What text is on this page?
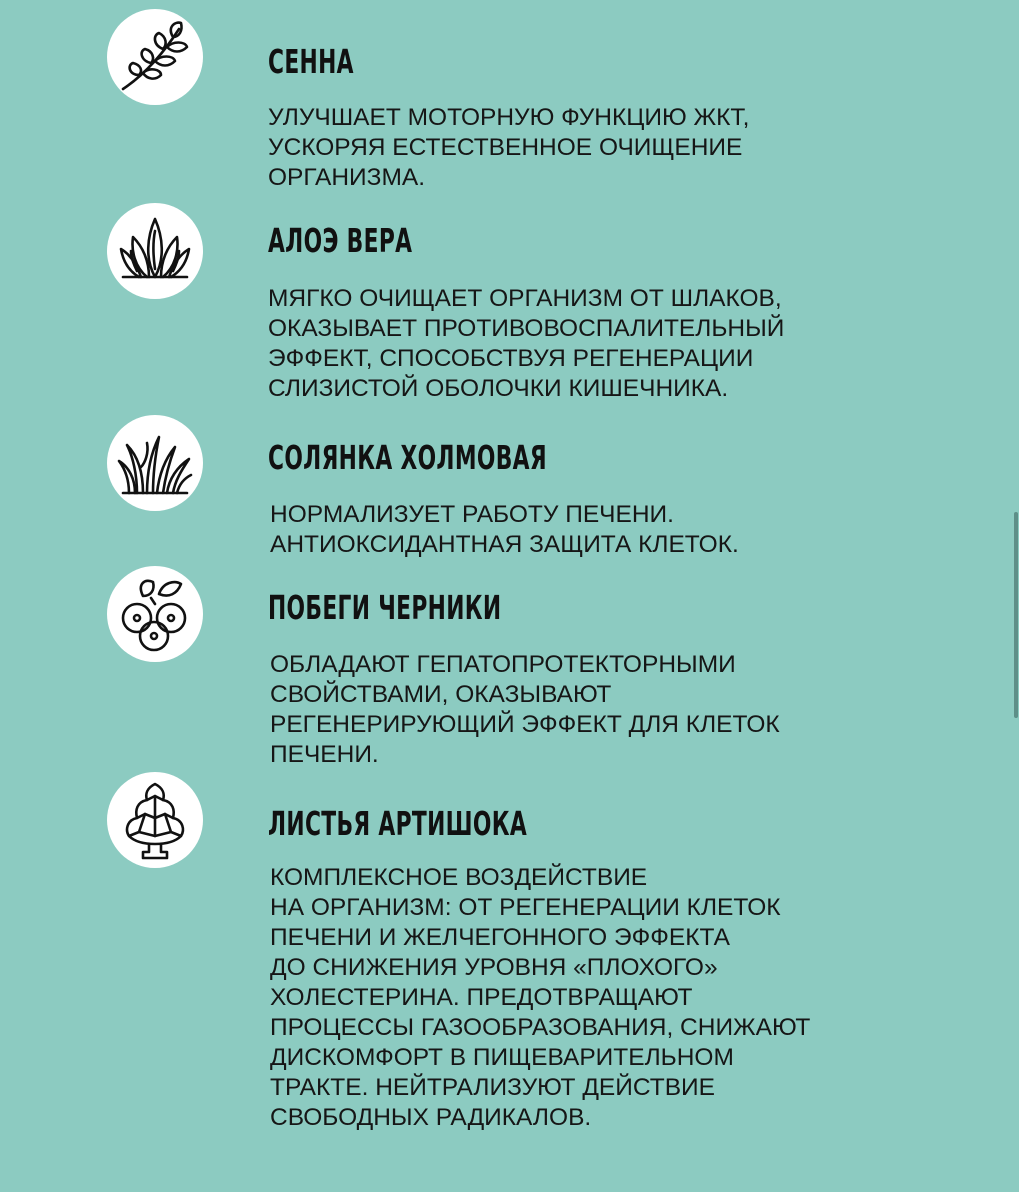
СЕННА

УЛУЧШАЕТ МОТОРНУЮ ФУНКЦИЮ ЖКТ,
УСКОРЯЯ ЕСТЕСТВЕННОЕ ОЧИЩЕНИЕ
ОРГАНИЗМА.

АЛОЭ ВЕРА

МЯГКО ОЧИЩАЕТ ОРГАНИЗМ ОТ ШЛАКОВ,
ОКАЗЫВАЕТ ПРОТИВОВОСПАЛИТЕЛЬНЫЙ
ЭФФЕКТ, СПОСОБСТВУЯ РЕГЕНЕРАЦИИ
СЛИЗИСТОЙ ОБОЛОЧКИ КИШЕЧНИКА.

СОЛЯНКА ХОЛМОВАЯ

НОРМАЛИЗУЕТ РАБОТУ ПЕЧЕНИ.
АНТИОКСИДАНТНАЯ ЗАЩИТА КЛЕТОК.

ПОБЕГИ ЧЕРНИКИ

ОБЛАДАЮТ ГЕПАТОПРОТЕКТОРНЫМИ
СВОЙСТВАМИ, ОКАЗЫВАЮТ
РЕГЕНЕРИРУЮЩИЙ ЭФФЕКТ ДЛЯ КЛЕТОК
ПЕЧЕНИ.

ЛИСТЬЯ АРТИШОКА

КОМПЛЕКСНОЕ ВОЗДЕЙСТВИЕ
НА ОРГАНИЗМ: ОТ РЕГЕНЕРАЦИИ КЛЕТОК
ПЕЧЕНИ И ЖЕЛЧЕГОННОГО ЭФФЕКТА
ДО СНИЖЕНИЯ УРОВНЯ «ПЛОХОГО»
ХОЛЕСТЕРИНА. ПРЕДОТВРАЩАЮТ
ПРОЦЕССЫ ГАЗООБРАЗОВАНИЯ, СНИЖАЮТ
ДИСКОМФОРТ В ПИЩЕВАРИТЕЛЬНОМ
ТРАКТЕ. НЕЙТРАЛИЗУЮТ ДЕЙСТВИЕ
СВОБОДНЫХ РАДИКАЛОВ.
